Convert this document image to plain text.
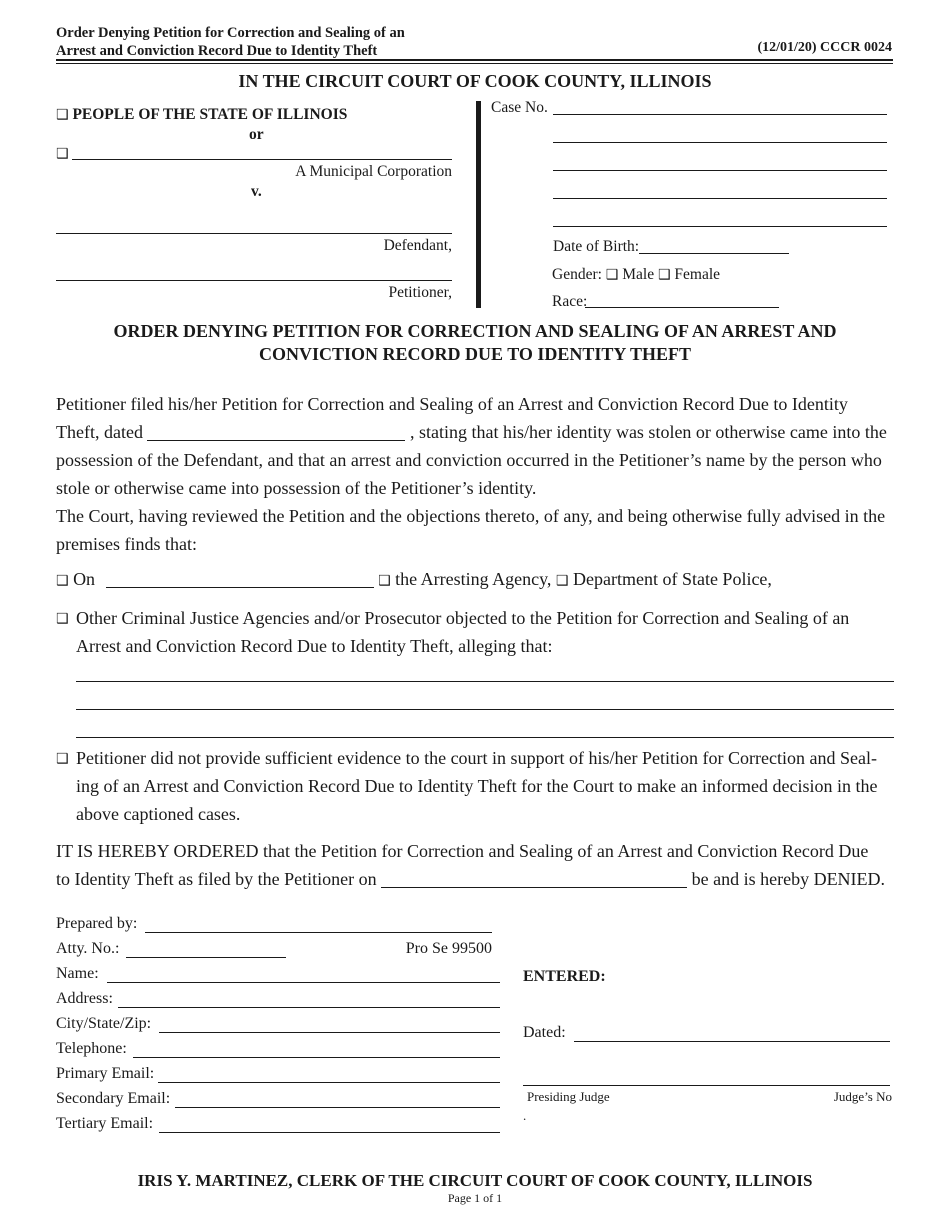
Order Denying Petition for Correction and Sealing of an
Arrest and Conviction Record Due to Identity Theft	(12/01/20) CCCR 0024
IN THE CIRCUIT COURT OF COOK COUNTY, ILLINOIS
❑ PEOPLE OF THE STATE OF ILLINOIS
or
❑
A Municipal Corporation
v.
Defendant,
Petitioner,
Case No.
Date of Birth:
Gender: ❑ Male ❑ Female
Race:
ORDER DENYING PETITION FOR CORRECTION AND SEALING OF AN ARREST AND
CONVICTION RECORD DUE TO IDENTITY THEFT
Petitioner filed his/her Petition for Correction and Sealing of an Arrest and Conviction Record Due to Identity
Theft, dated	, stating that his/her identity was stolen or otherwise came into the
possession of the Defendant, and that an arrest and conviction occurred in the Petitioner’s name by the person who
stole or otherwise came into possession of the Petitioner’s identity.
The Court, having reviewed the Petition and the objections thereto, of any, and being otherwise fully advised in the
premises finds that:
❑ On	❑ the Arresting Agency, ❑ Department of State Police,
❑ Other Criminal Justice Agencies and/or Prosecutor objected to the Petition for Correction and Sealing of an
Arrest and Conviction Record Due to Identity Theft, alleging that:
❑ Petitioner did not provide sufficient evidence to the court in support of his/her Petition for Correction and Seal-
ing of an Arrest and Conviction Record Due to Identity Theft for the Court to make an informed decision in the
above captioned cases.
IT IS HEREBY ORDERED that the Petition for Correction and Sealing of an Arrest and Conviction Record Due
to Identity Theft as filed by the Petitioner on	be and is hereby DENIED.
Prepared by:
Atty. No.:	Pro Se 99500
Name:
Address:
City/State/Zip:
Telephone:
Primary Email:
Secondary Email:
Tertiary Email:
ENTERED:
Dated:
Presiding Judge	Judge’s No
.
IRIS Y. MARTINEZ, CLERK OF THE CIRCUIT COURT OF COOK COUNTY, ILLINOIS
Page 1 of 1
